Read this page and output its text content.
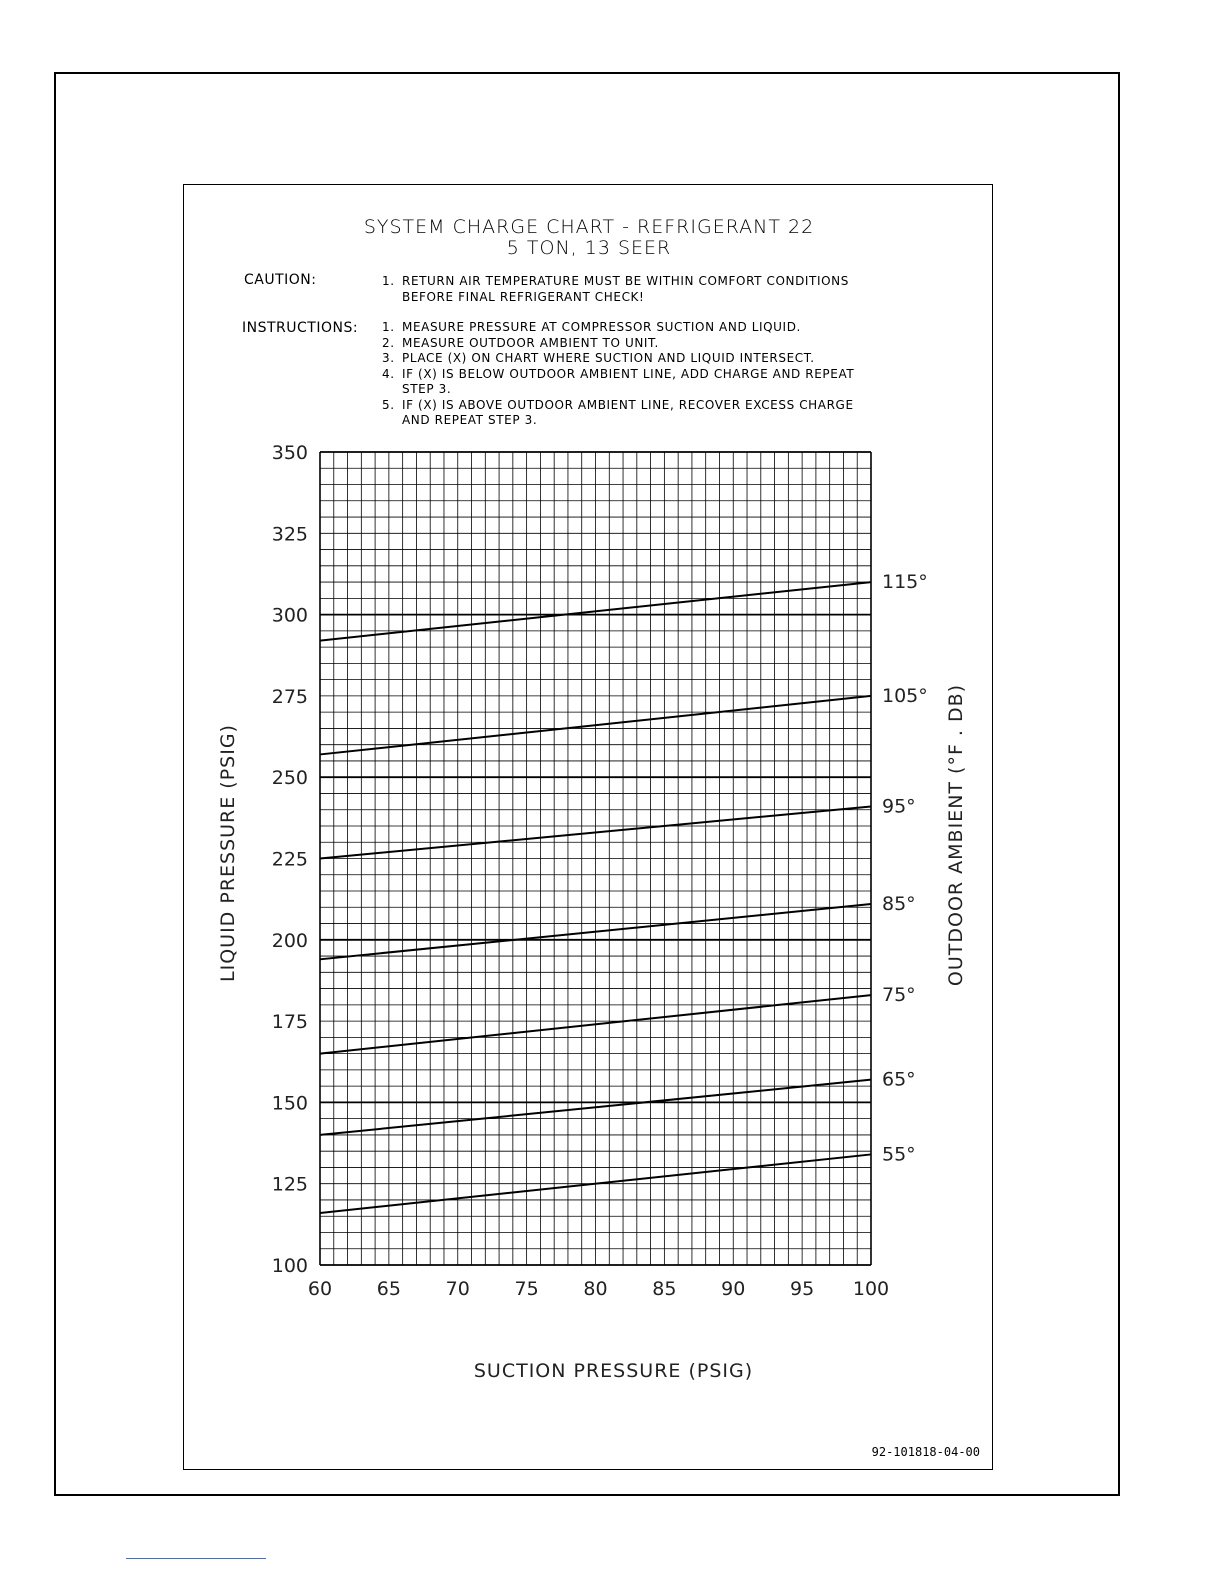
SYSTEM CHARGE CHART - REFRIGERANT 22
5 TON, 13 SEER
CAUTION:	1. RETURN AIR TEMPERATURE MUST BE WITHIN COMFORT CONDITIONS
BEFORE FINAL REFRIGERANT CHECK!
INSTRUCTIONS: 1. MEASURE PRESSURE AT COMPRESSOR SUCTION AND LIQUID.
2. MEASURE OUTDOOR AMBIENT TO UNIT.
3. PLACE (X) ON CHART WHERE SUCTION AND LIQUID INTERSECT.
4. IF (X) IS BELOW OUTDOOR AMBIENT LINE, ADD CHARGE AND REPEAT
STEP 3.
5. IF (X) IS ABOVE OUTDOOR AMBIENT LINE, RECOVER EXCESS CHARGE
AND REPEAT STEP 3.
92-101818-04-00
115°
105°
95°
85°
75°
65°
55°
100
125
150
175
200
225
250
275
300
325
350
60 65 70 75 80 85 90 95 100
SUCTION PRESSURE (PSIG)
LIQUID PRESSURE (PSIG)	OUTDOOR AMBIENT (°F . DB)
